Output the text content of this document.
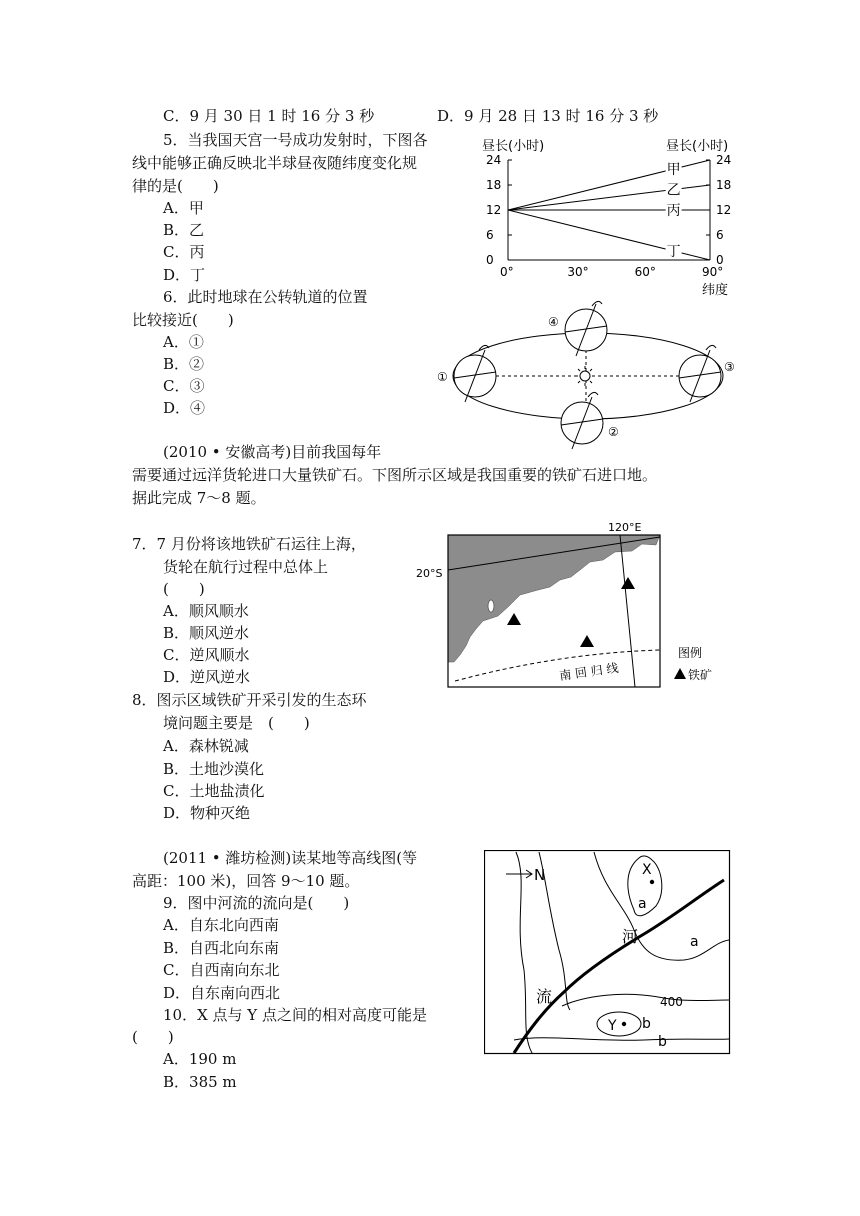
C．9 月 30 日 1 时 16 分 3 秒	D．9 月 28 日 13 时 16 分 3 秒
5．当我国天宫一号成功发射时，下图各
线中能够正确反映北半球昼夜随纬度变化规
律的是(　　)
A．甲
B．乙
C．丙
D．丁
昼长(小时)	昼长(小时)
24	24
18	18
12	12
6	6
0	0
0°	30°	60°	90°
甲
乙
丙
丁
纬度
6．此时地球在公转轨道的位置
比较接近(　　)
A．①
B．②
C．③
D．④
①
②
③
④
(2010 • 安徽高考)目前我国每年
需要通过远洋货轮进口大量铁矿石。下图所示区域是我国重要的铁矿石进口地。
据此完成 7～8 题。
7．7 月份将该地铁矿石运往上海，
货轮在航行过程中总体上
(　　)
A．顺风顺水
B．顺风逆水
C．逆风顺水
D．逆风逆水
120°E
20°S
南 回 归 线
图例
铁矿
8．图示区域铁矿开采引发的生态环
境问题主要是　(　　)
A．森林锐减
B．土地沙漠化
C．土地盐渍化
D．物种灭绝
(2011 • 潍坊检测)读某地等高线图(等
高距：100 米)，回答 9～10 题。
9．图中河流的流向是(　　)
A．自东北向西南
B．自西北向东南
C．自西南向东北
D．自东南向西北
N	X
a
a
河
流	400
Y b
b
10．X 点与 Y 点之间的相对高度可能是
(　　)
A．190 m
B．385 m
